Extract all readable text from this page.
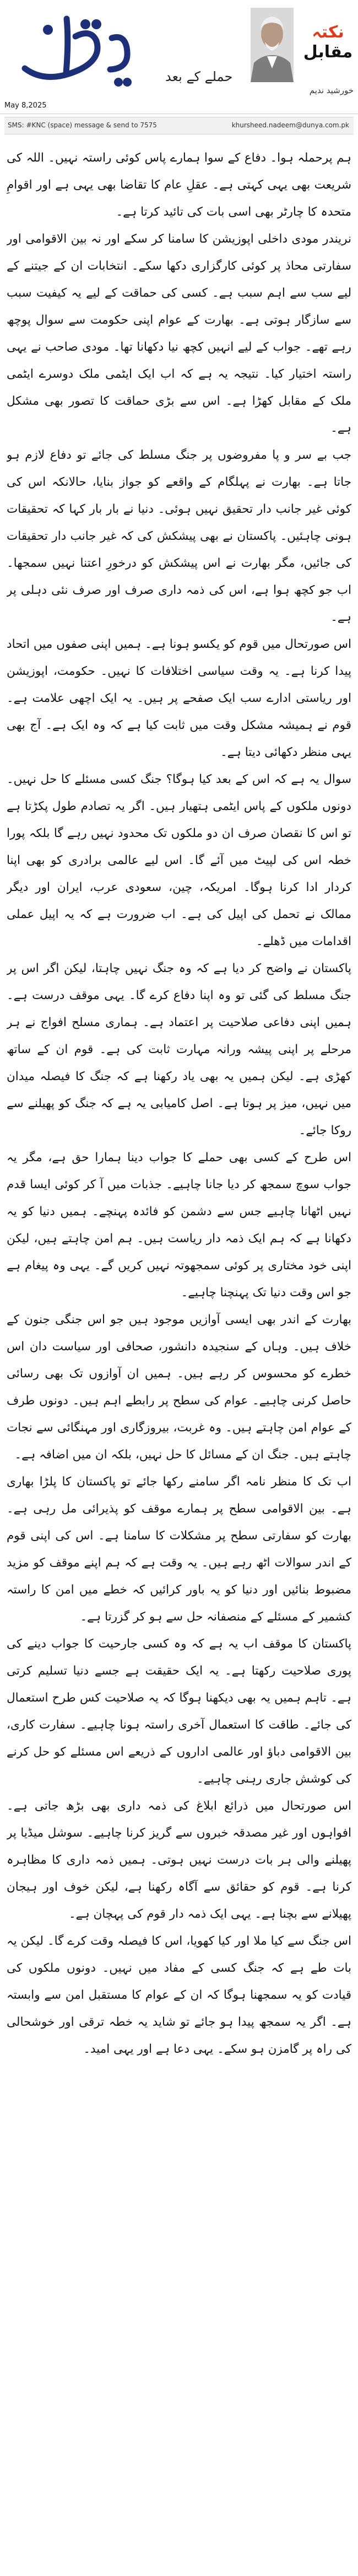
دنیا
حملے کے بعد
نکتہ
مقابل
خورشید ندیم
May 8,2025
SMS: #KNC (space) message & send to 7575	khursheed.nadeem@dunya.com.pk

ہم پرحملہ ہوا۔ دفاع کے سوا ہمارے پاس کوئی راستہ نہیں۔ اللہ کی شریعت بھی یہی کہتی ہے۔ عقلِ عام کا تقاضا بھی یہی ہے اور اقوامِ متحدہ کا چارٹر بھی اسی بات کی تائید کرتا ہے۔

نریندر مودی داخلی اپوزیشن کا سامنا کر سکے اور نہ بین الاقوامی اور سفارتی محاذ پر کوئی کارگزاری دکھا سکے۔ انتخابات ان کے جیتنے کے لیے سب سے اہم سبب ہے۔ کسی کی حماقت کے لیے یہ کیفیت سبب سے سازگار ہوتی ہے۔ بھارت کے عوام اپنی حکومت سے سوال پوچھ رہے تھے۔ جواب کے لیے انہیں کچھ نیا دکھانا تھا۔ مودی صاحب نے یہی راستہ اختیار کیا۔ نتیجہ یہ ہے کہ اب ایک ایٹمی ملک دوسرے ایٹمی ملک کے مقابل کھڑا ہے۔ اس سے بڑی حماقت کا تصور بھی مشکل ہے۔

جب بے سر و پا مفروضوں پر جنگ مسلط کی جائے تو دفاع لازم ہو جاتا ہے۔ بھارت نے پہلگام کے واقعے کو جواز بنایا، حالانکہ اس کی کوئی غیر جانب دار تحقیق نہیں ہوئی۔ دنیا نے بار بار کہا کہ تحقیقات ہونی چاہئیں۔ پاکستان نے بھی پیشکش کی کہ غیر جانب دار تحقیقات کی جائیں، مگر بھارت نے اس پیشکش کو درخورِ اعتنا نہیں سمجھا۔ اب جو کچھ ہوا ہے، اس کی ذمہ داری صرف اور صرف نئی دہلی پر ہے۔

اس صورتحال میں قوم کو یکسو ہونا ہے۔ ہمیں اپنی صفوں میں اتحاد پیدا کرنا ہے۔ یہ وقت سیاسی اختلافات کا نہیں۔ حکومت، اپوزیشن اور ریاستی ادارے سب ایک صفحے پر ہیں۔ یہ ایک اچھی علامت ہے۔ قوم نے ہمیشہ مشکل وقت میں ثابت کیا ہے کہ وہ ایک ہے۔ آج بھی یہی منظر دکھائی دیتا ہے۔

سوال یہ ہے کہ اس کے بعد کیا ہوگا؟ جنگ کسی مسئلے کا حل نہیں۔ دونوں ملکوں کے پاس ایٹمی ہتھیار ہیں۔ اگر یہ تصادم طول پکڑتا ہے تو اس کا نقصان صرف ان دو ملکوں تک محدود نہیں رہے گا بلکہ پورا خطہ اس کی لپیٹ میں آئے گا۔ اس لیے عالمی برادری کو بھی اپنا کردار ادا کرنا ہوگا۔ امریکہ، چین، سعودی عرب، ایران اور دیگر ممالک نے تحمل کی اپیل کی ہے۔ اب ضرورت ہے کہ یہ اپیل عملی اقدامات میں ڈھلے۔

پاکستان نے واضح کر دیا ہے کہ وہ جنگ نہیں چاہتا، لیکن اگر اس پر جنگ مسلط کی گئی تو وہ اپنا دفاع کرے گا۔ یہی موقف درست ہے۔ ہمیں اپنی دفاعی صلاحیت پر اعتماد ہے۔ ہماری مسلح افواج نے ہر مرحلے پر اپنی پیشہ ورانہ مہارت ثابت کی ہے۔ قوم ان کے ساتھ کھڑی ہے۔ لیکن ہمیں یہ بھی یاد رکھنا ہے کہ جنگ کا فیصلہ میدان میں نہیں، میز پر ہوتا ہے۔ اصل کامیابی یہ ہے کہ جنگ کو پھیلنے سے روکا جائے۔

اس طرح کے کسی بھی حملے کا جواب دینا ہمارا حق ہے، مگر یہ جواب سوچ سمجھ کر دیا جانا چاہیے۔ جذبات میں آ کر کوئی ایسا قدم نہیں اٹھانا چاہیے جس سے دشمن کو فائدہ پہنچے۔ ہمیں دنیا کو یہ دکھانا ہے کہ ہم ایک ذمہ دار ریاست ہیں۔ ہم امن چاہتے ہیں، لیکن اپنی خود مختاری پر کوئی سمجھوتہ نہیں کریں گے۔ یہی وہ پیغام ہے جو اس وقت دنیا تک پہنچنا چاہیے۔

بھارت کے اندر بھی ایسی آوازیں موجود ہیں جو اس جنگی جنون کے خلاف ہیں۔ وہاں کے سنجیدہ دانشور، صحافی اور سیاست دان اس خطرے کو محسوس کر رہے ہیں۔ ہمیں ان آوازوں تک بھی رسائی حاصل کرنی چاہیے۔ عوام کی سطح پر رابطے اہم ہیں۔ دونوں طرف کے عوام امن چاہتے ہیں۔ وہ غربت، بیروزگاری اور مہنگائی سے نجات چاہتے ہیں۔ جنگ ان کے مسائل کا حل نہیں، بلکہ ان میں اضافہ ہے۔

اب تک کا منظر نامہ اگر سامنے رکھا جائے تو پاکستان کا پلڑا بھاری ہے۔ بین الاقوامی سطح پر ہمارے موقف کو پذیرائی مل رہی ہے۔ بھارت کو سفارتی سطح پر مشکلات کا سامنا ہے۔ اس کی اپنی قوم کے اندر سوالات اٹھ رہے ہیں۔ یہ وقت ہے کہ ہم اپنے موقف کو مزید مضبوط بنائیں اور دنیا کو یہ باور کرائیں کہ خطے میں امن کا راستہ کشمیر کے مسئلے کے منصفانہ حل سے ہو کر گزرتا ہے۔

پاکستان کا موقف اب یہ ہے کہ وہ کسی جارحیت کا جواب دینے کی پوری صلاحیت رکھتا ہے۔ یہ ایک حقیقت ہے جسے دنیا تسلیم کرتی ہے۔ تاہم ہمیں یہ بھی دیکھنا ہوگا کہ یہ صلاحیت کس طرح استعمال کی جائے۔ طاقت کا استعمال آخری راستہ ہونا چاہیے۔ سفارت کاری، بین الاقوامی دباؤ اور عالمی اداروں کے ذریعے اس مسئلے کو حل کرنے کی کوشش جاری رہنی چاہیے۔

اس صورتحال میں ذرائع ابلاغ کی ذمہ داری بھی بڑھ جاتی ہے۔ افواہوں اور غیر مصدقہ خبروں سے گریز کرنا چاہیے۔ سوشل میڈیا پر پھیلنے والی ہر بات درست نہیں ہوتی۔ ہمیں ذمہ داری کا مظاہرہ کرنا ہے۔ قوم کو حقائق سے آگاہ رکھنا ہے، لیکن خوف اور ہیجان پھیلانے سے بچنا ہے۔ یہی ایک ذمہ دار قوم کی پہچان ہے۔

اس جنگ سے کیا ملا اور کیا کھویا، اس کا فیصلہ وقت کرے گا۔ لیکن یہ بات طے ہے کہ جنگ کسی کے مفاد میں نہیں۔ دونوں ملکوں کی قیادت کو یہ سمجھنا ہوگا کہ ان کے عوام کا مستقبل امن سے وابستہ ہے۔ اگر یہ سمجھ پیدا ہو جائے تو شاید یہ خطہ ترقی اور خوشحالی کی راہ پر گامزن ہو سکے۔ یہی دعا ہے اور یہی امید۔
